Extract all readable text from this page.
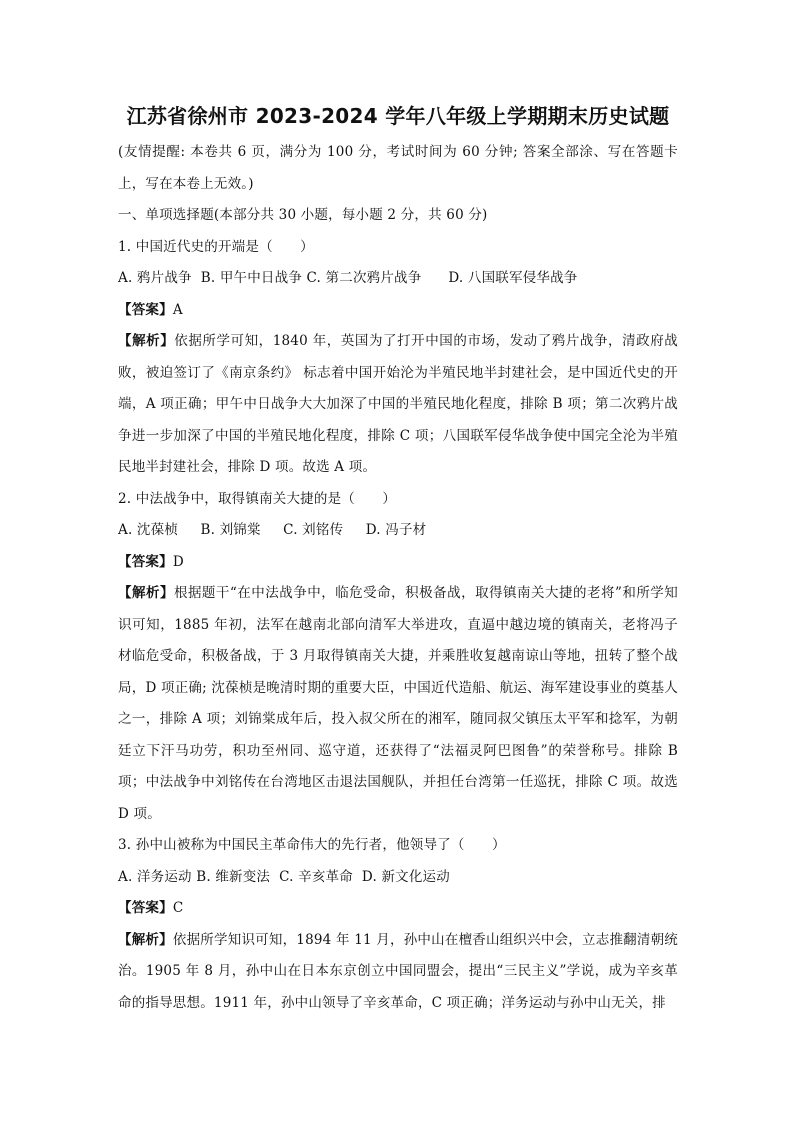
江苏省徐州市 2023-2024 学年八年级上学期期末历史试题

(友情提醒: 本卷共 6 页，满分为 100 分，考试时间为 60 分钟; 答案全部涂、写在答题卡上，写在本卷上无效。)

一、单项选择题(本部分共 30 小题，每小题 2 分，共 60 分)

1. 中国近代史的开端是（　　）

A. 鸦片战争  B. 甲午中日战争 C. 第二次鸦片战争      D. 八国联军侵华战争

【答案】A

【解析】依据所学可知，1840 年，英国为了打开中国的市场，发动了鸦片战争，清政府战败，被迫签订了《南京条约》 标志着中国开始沦为半殖民地半封建社会，是中国近代史的开端，A 项正确；甲午中日战争大大加深了中国的半殖民地化程度，排除 B 项；第二次鸦片战争进一步加深了中国的半殖民地化程度，排除 C 项；八国联军侵华战争使中国完全沦为半殖民地半封建社会，排除 D 项。故选 A 项。

2. 中法战争中，取得镇南关大捷的是（　　）

A. 沈葆桢     B. 刘锦棠     C. 刘铭传     D. 冯子材

【答案】D

【解析】根据题干“在中法战争中，临危受命，积极备战，取得镇南关大捷的老将”和所学知识可知，1885 年初，法军在越南北部向清军大举进攻，直逼中越边境的镇南关，老将冯子材临危受命，积极备战，于 3 月取得镇南关大捷，并乘胜收复越南谅山等地，扭转了整个战局，D 项正确; 沈葆桢是晚清时期的重要大臣，中国近代造船、航运、海军建设事业的奠基人之一，排除 A 项；刘锦棠成年后，投入叔父所在的湘军，随同叔父镇压太平军和捻军，为朝廷立下汗马功劳，积功至州同、巡守道，还获得了“法福灵阿巴图鲁”的荣誉称号。排除 B 项；中法战争中刘铭传在台湾地区击退法国舰队，并担任台湾第一任巡抚，排除 C 项。故选 D 项。

3. 孙中山被称为中国民主革命伟大的先行者，他领导了（　　）

A. 洋务运动 B. 维新变法  C. 辛亥革命  D. 新文化运动

【答案】C

【解析】依据所学知识可知，1894 年 11 月，孙中山在檀香山组织兴中会，立志推翻清朝统治。1905 年 8 月，孙中山在日本东京创立中国同盟会，提出“三民主义”学说，成为辛亥革命的指导思想。1911 年，孙中山领导了辛亥革命，C 项正确；洋务运动与孙中山无关，排
